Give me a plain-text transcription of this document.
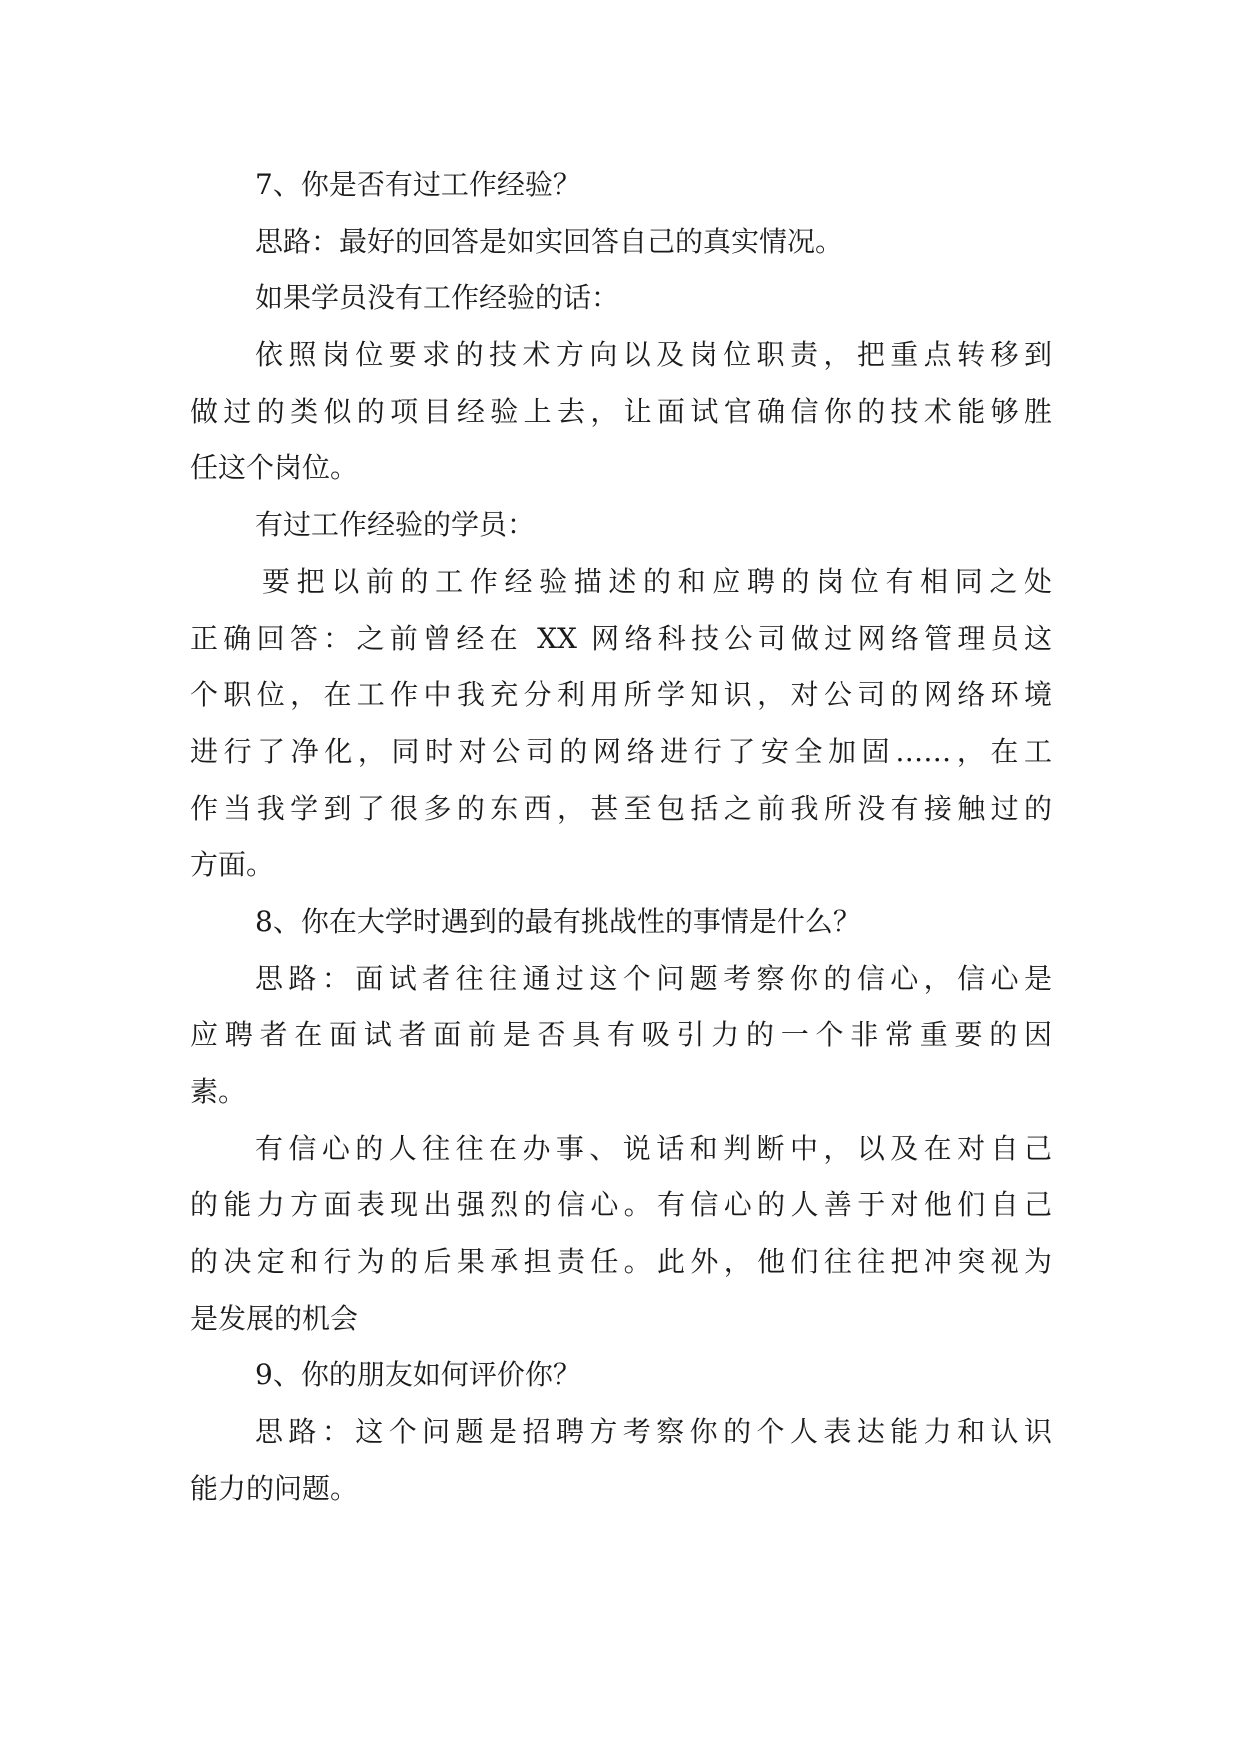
7、你是否有过工作经验？
思路：最好的回答是如实回答自己的真实情况。
如果学员没有工作经验的话：
依照岗位要求的技术方向以及岗位职责，把重点转移到
做过的类似的项目经验上去，让面试官确信你的技术能够胜
任这个岗位。
有过工作经验的学员：
要把以前的工作经验描述的和应聘的岗位有相同之处
正确回答：之前曾经在 XX 网络科技公司做过网络管理员这
个职位，在工作中我充分利用所学知识，对公司的网络环境
进行了净化，同时对公司的网络进行了安全加固……，在工
作当我学到了很多的东西，甚至包括之前我所没有接触过的
方面。
8、你在大学时遇到的最有挑战性的事情是什么？
思路：面试者往往通过这个问题考察你的信心，信心是
应聘者在面试者面前是否具有吸引力的一个非常重要的因
素。
有信心的人往往在办事、说话和判断中，以及在对自己
的能力方面表现出强烈的信心。有信心的人善于对他们自己
的决定和行为的后果承担责任。此外，他们往往把冲突视为
是发展的机会
9、你的朋友如何评价你？
思路：这个问题是招聘方考察你的个人表达能力和认识
能力的问题。
